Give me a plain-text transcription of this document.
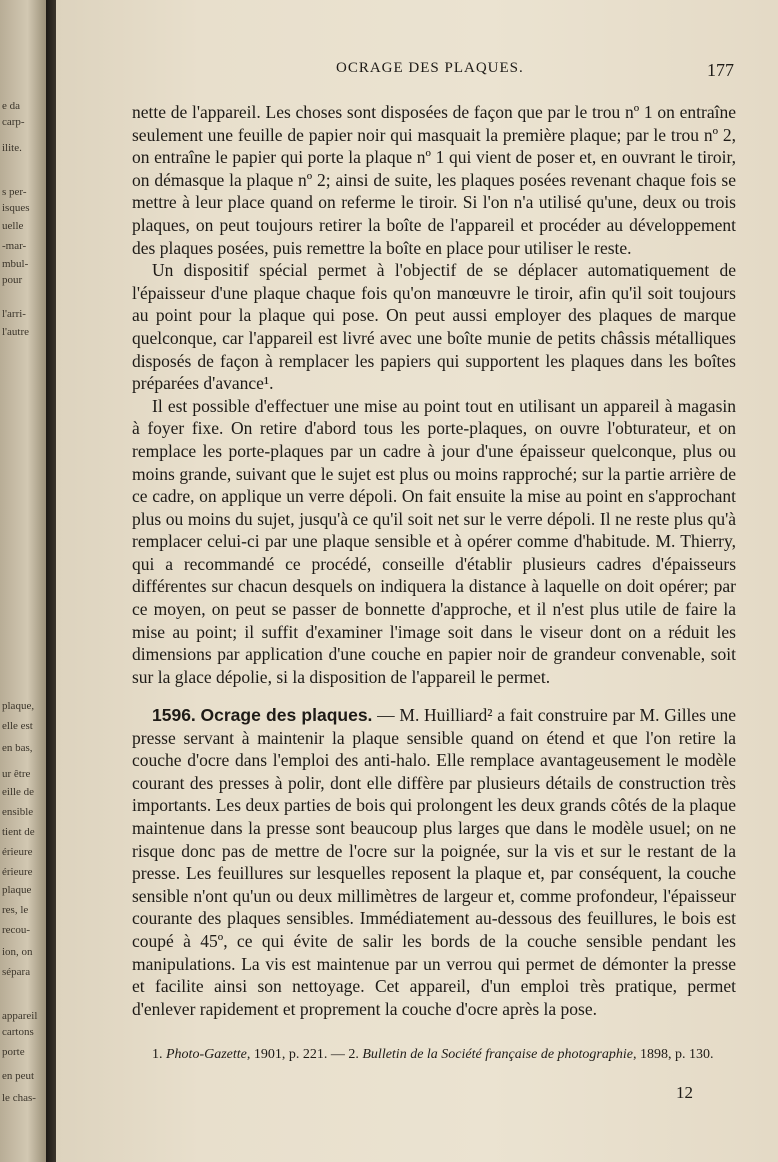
e da
carp-
ilite.
s per-
isques
uelle
-mar-
mbul-
pour
l'arri-
l'autre
plaque,
elle est
en bas,
ur être
eille de
ensible
tient de
érieure
érieure
plaque
res, le
recou-
ion, on
sépara
appareil
cartons
porte
en peut
le chas-
OCRAGE DES PLAQUES.	177

nette de l'appareil. Les choses sont disposées de façon que par le trou nº 1 on entraîne seulement une feuille de papier noir qui masquait la première plaque; par le trou nº 2, on entraîne le papier qui porte la plaque nº 1 qui vient de poser et, en ouvrant le tiroir, on démasque la plaque nº 2; ainsi de suite, les plaques posées revenant chaque fois se mettre à leur place quand on referme le tiroir. Si l'on n'a utilisé qu'une, deux ou trois plaques, on peut toujours retirer la boîte de l'appareil et procéder au développement des plaques posées, puis remettre la boîte en place pour utiliser le reste.

Un dispositif spécial permet à l'objectif de se déplacer automatiquement de l'épaisseur d'une plaque chaque fois qu'on manœuvre le tiroir, afin qu'il soit toujours au point pour la plaque qui pose. On peut aussi employer des plaques de marque quelconque, car l'appareil est livré avec une boîte munie de petits châssis métalliques disposés de façon à remplacer les papiers qui supportent les plaques dans les boîtes préparées d'avance¹.

Il est possible d'effectuer une mise au point tout en utilisant un appareil à magasin à foyer fixe. On retire d'abord tous les porte-plaques, on ouvre l'obturateur, et on remplace les porte-plaques par un cadre à jour d'une épaisseur quelconque, plus ou moins grande, suivant que le sujet est plus ou moins rapproché; sur la partie arrière de ce cadre, on applique un verre dépoli. On fait ensuite la mise au point en s'approchant plus ou moins du sujet, jusqu'à ce qu'il soit net sur le verre dépoli. Il ne reste plus qu'à remplacer celui-ci par une plaque sensible et à opérer comme d'habitude. M. Thierry, qui a recommandé ce procédé, conseille d'établir plusieurs cadres d'épaisseurs différentes sur chacun desquels on indiquera la distance à laquelle on doit opérer; par ce moyen, on peut se passer de bonnette d'approche, et il n'est plus utile de faire la mise au point; il suffit d'examiner l'image soit dans le viseur dont on a réduit les dimensions par application d'une couche en papier noir de grandeur convenable, soit sur la glace dépolie, si la disposition de l'appareil le permet.

1596. Ocrage des plaques. — M. Huilliard² a fait construire par M. Gilles une presse servant à maintenir la plaque sensible quand on étend et que l'on retire la couche d'ocre dans l'emploi des anti-halo. Elle remplace avantageusement le modèle courant des presses à polir, dont elle diffère par plusieurs détails de construction très importants. Les deux parties de bois qui prolongent les deux grands côtés de la plaque maintenue dans la presse sont beaucoup plus larges que dans le modèle usuel; on ne risque donc pas de mettre de l'ocre sur la poignée, sur la vis et sur le restant de la presse. Les feuillures sur lesquelles reposent la plaque et, par conséquent, la couche sensible n'ont qu'un ou deux millimètres de largeur et, comme profondeur, l'épaisseur courante des plaques sensibles. Immédiatement au-dessous des feuillures, le bois est coupé à 45º, ce qui évite de salir les bords de la couche sensible pendant les manipulations. La vis est maintenue par un verrou qui permet de démonter la presse et facilite ainsi son nettoyage. Cet appareil, d'un emploi très pratique, permet d'enlever rapidement et proprement la couche d'ocre après la pose.

1. Photo-Gazette, 1901, p. 221. — 2. Bulletin de la Société française de photographie, 1898, p. 130.
12
